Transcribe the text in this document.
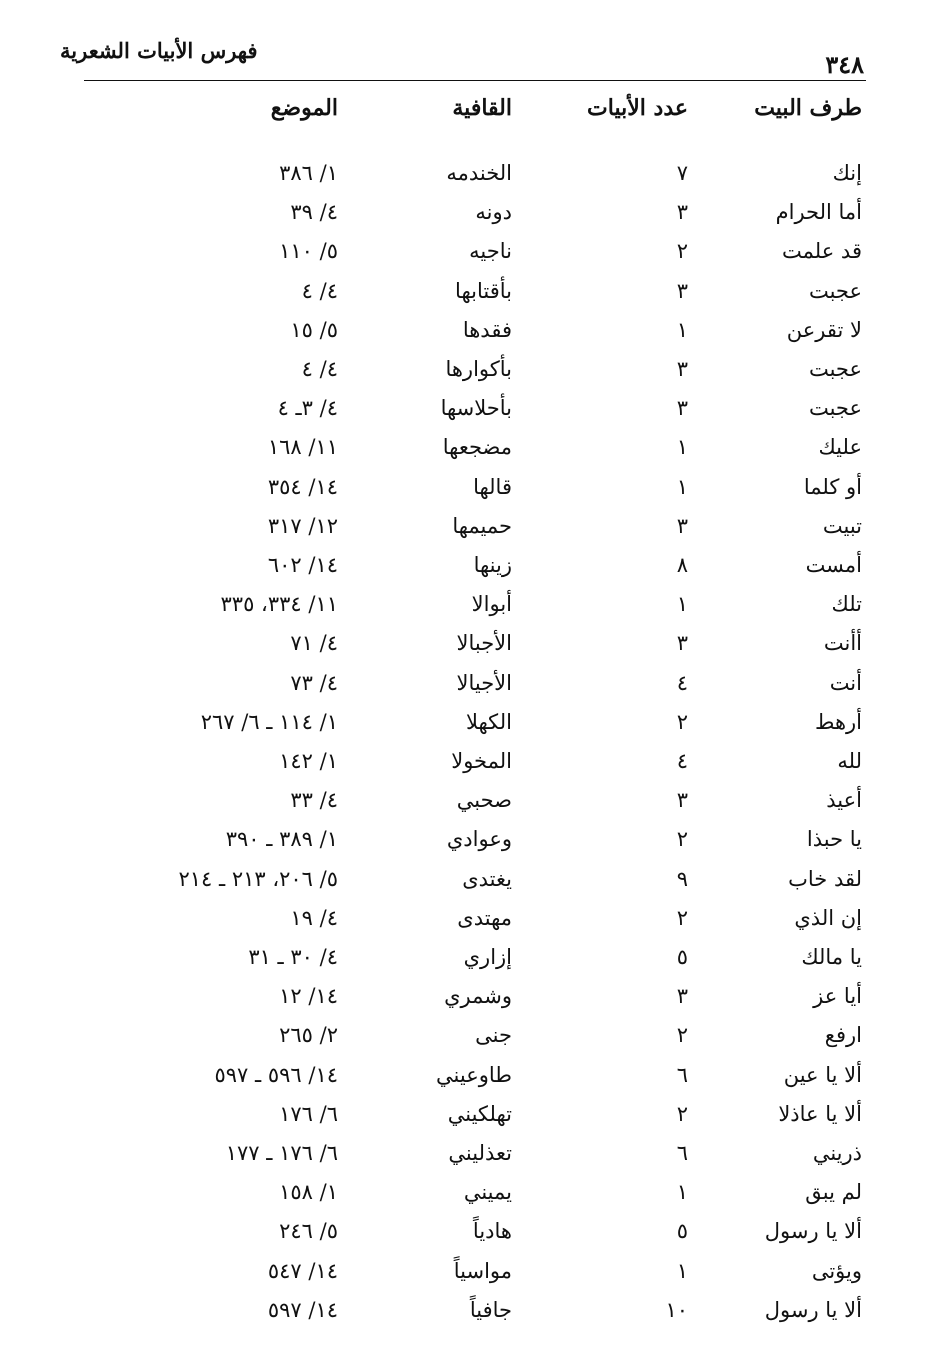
فهرس الأبيات الشعرية	٣٤٨
طرف البيت
عدد الأبيات
القافية
الموضع
إنك
٧
الخندمه
١/ ٣٨٦
أما الحرام
٣
دونه
٤/ ٣٩
قد علمت
٢
ناجيه
٥/ ١١٠
عجبت
٣
بأقتابها
٤/ ٤
لا تقرعن
١
فقدها
٥/ ١٥
عجبت
٣
بأكوارها
٤/ ٤
عجبت
٣
بأحلاسها
٤/ ٣ـ ٤
عليك
١
مضجعها
١١/ ١٦٨
أو كلما
١
قالها
١٤/ ٣٥٤
تبيت
٣
حميمها
١٢/ ٣١٧
أمست
٨
زينها
١٤/ ٦٠٢
تلك
١
أبوالا
١١/ ٣٣٤، ٣٣٥
أأنت
٣
الأجبالا
٤/ ٧١
أنت
٤
الأجيالا
٤/ ٧٣
أرهط
٢
الكهلا
١/ ١١٤ ـ ٦/ ٢٦٧
لله
٤
المخولا
١/ ١٤٢
أعيذ
٣
صحبي
٤/ ٣٣
يا حبذا
٢
وعوادي
١/ ٣٨٩ ـ ٣٩٠
لقد خاب
٩
يغتدى
٥/ ٢٠٦، ٢١٣ ـ ٢١٤
إن الذي
٢
مهتدى
٤/ ١٩
يا مالك
٥
إزاري
٤/ ٣٠ ـ ٣١
أيا عز
٣
وشمري
١٤/ ١٢
ارفع
٢
جنى
٢/ ٢٦٥
ألا يا عين
٦
طاوعيني
١٤/ ٥٩٦ ـ ٥٩٧
ألا يا عاذلا
٢
تهلكيني
٦/ ١٧٦
ذريني
٦
تعذليني
٦/ ١٧٦ ـ ١٧٧
لم يبق
١
يميني
١/ ١٥٨
ألا يا رسول
٥
هادياً
٥/ ٢٤٦
ويؤتى
١
مواسياً
١٤/ ٥٤٧
ألا يا رسول
١٠
جافياً
١٤/ ٥٩٧
